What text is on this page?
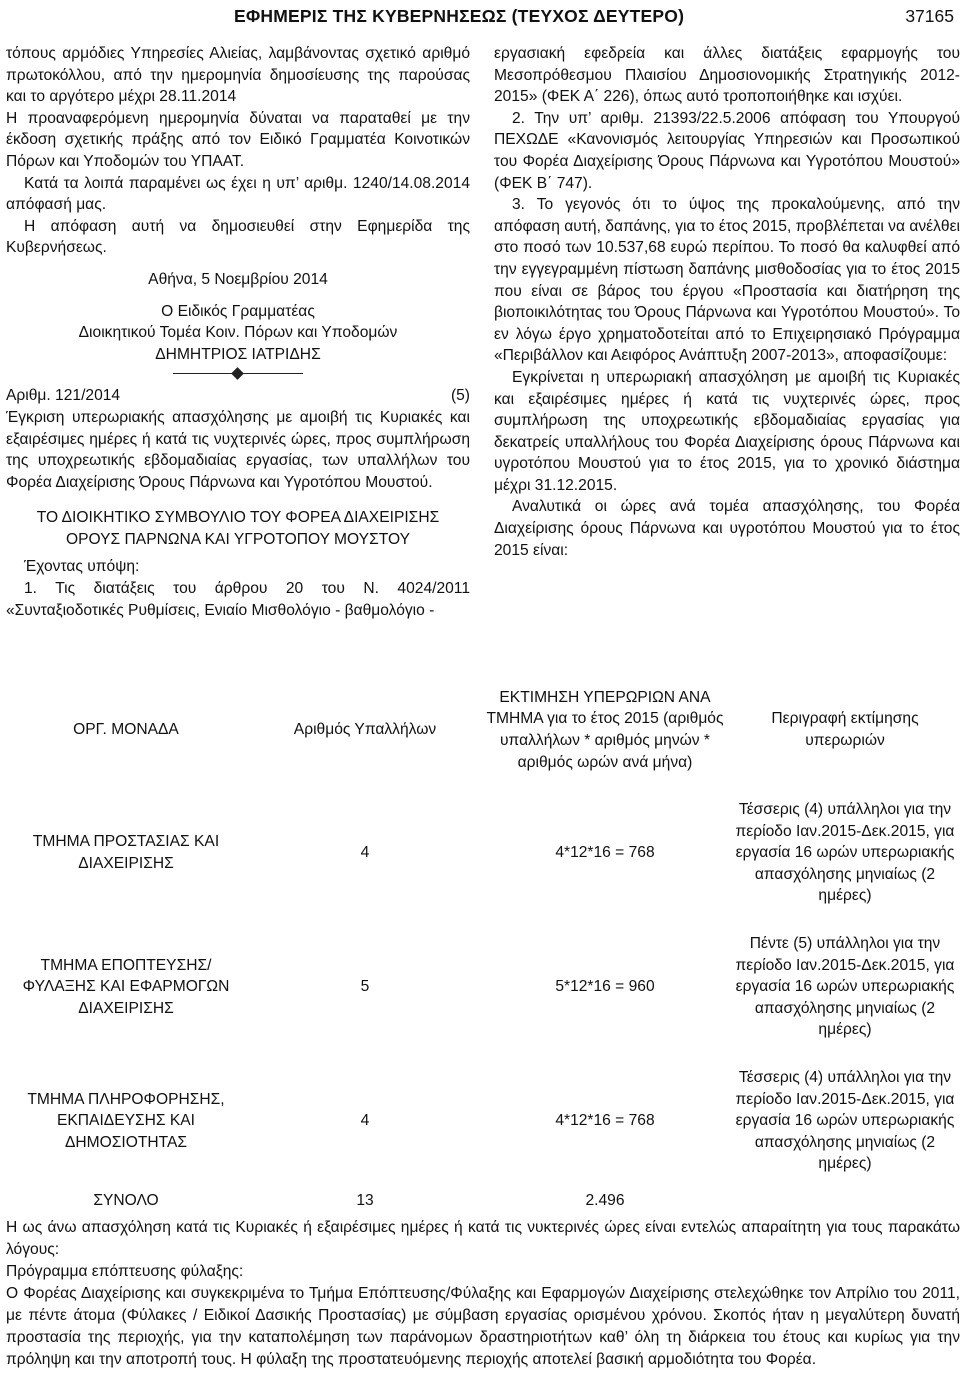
ΕΦΗΜΕΡΙΣ ΤΗΣ ΚΥΒΕΡΝΗΣΕΩΣ (ΤΕΥΧΟΣ ΔΕΥΤΕΡΟ)	37165

τόπους αρμόδιες Υπηρεσίες Αλιείας, λαμβάνοντας σχετικό αριθμό πρωτοκόλλου, από την ημερομηνία δημοσίευσης της παρούσας και το αργότερο μέχρι 28.11.2014

Η προαναφερόμενη ημερομηνία δύναται να παραταθεί με την έκδοση σχετικής πράξης από τον Ειδικό Γραμματέα Κοινοτικών Πόρων και Υποδομών του ΥΠΑΑΤ.

Κατά τα λοιπά παραμένει ως έχει η υπ’ αριθμ. 1240/14.08.2014 απόφασή μας.

Η απόφαση αυτή να δημοσιευθεί στην Εφημερίδα της Κυβερνήσεως.

Αθήνα, 5 Νοεμβρίου 2014

Ο Ειδικός Γραμματέας

Διοικητικού Τομέα Κοιν. Πόρων και Υποδομών

ΔΗΜΗΤΡΙΟΣ ΙΑΤΡΙΔΗΣ

Αριθμ. 121/2014	(5)

Έγκριση υπερωριακής απασχόλησης με αμοιβή τις Κυριακές και εξαιρέσιμες ημέρες ή κατά τις νυχτερινές ώρες, προς συμπλήρωση της υποχρεωτικής εβδομαδιαίας εργασίας, των υπαλλήλων του Φορέα Διαχείρισης Όρους Πάρνωνα και Υγροτόπου Μουστού.

ΤΟ ΔΙΟΙΚΗΤΙΚΟ ΣΥΜΒΟΥΛΙΟ ΤΟΥ ΦΟΡΕΑ ΔΙΑΧΕΙΡΙΣΗΣ
ΟΡΟΥΣ ΠΑΡΝΩΝΑ ΚΑΙ ΥΓΡΟΤΟΠΟΥ ΜΟΥΣΤΟΥ

Έχοντας υπόψη:

1. Τις διατάξεις του άρθρου 20 του Ν. 4024/2011 «Συνταξιοδοτικές Ρυθμίσεις, Ενιαίο Μισθολόγιο - βαθμολόγιο -

εργασιακή εφεδρεία και άλλες διατάξεις εφαρμογής του Μεσοπρόθεσμου Πλαισίου Δημοσιονομικής Στρατηγικής 2012-2015» (ΦΕΚ Α΄ 226), όπως αυτό τροποποιήθηκε και ισχύει.

2. Την υπ’ αριθμ. 21393/22.5.2006 απόφαση του Υπουργού ΠΕΧΩΔΕ «Κανονισμός λειτουργίας Υπηρεσιών και Προσωπικού του Φορέα Διαχείρισης Όρους Πάρνωνα και Υγροτόπου Μουστού» (ΦΕΚ Β΄ 747).

3. Το γεγονός ότι το ύψος της προκαλούμενης, από την απόφαση αυτή, δαπάνης, για το έτος 2015, προβλέπεται να ανέλθει στο ποσό των 10.537,68 ευρώ περίπου. Το ποσό θα καλυφθεί από την εγγεγραμμένη πίστωση δαπάνης μισθοδοσίας για το έτος 2015 που είναι σε βάρος του έργου «Προστασία και διατήρηση της βιοποικιλότητας του Όρους Πάρνωνα και Υγροτόπου Μουστού». Το εν λόγω έργο χρηματοδοτείται από το Επιχειρησιακό Πρόγραμμα «Περιβάλλον και Αειφόρος Ανάπτυξη 2007-2013», αποφασίζουμε:

Εγκρίνεται η υπερωριακή απασχόληση με αμοιβή τις Κυριακές και εξαιρέσιμες ημέρες ή κατά τις νυχτερινές ώρες, προς συμπλήρωση της υποχρεωτικής εβδομαδιαίας εργασίας για δεκατρείς υπαλλήλους του Φορέα Διαχείρισης όρους Πάρνωνα και υγροτόπου Μουστού για το έτος 2015, για το χρονικό διάστημα μέχρι 31.12.2015.

Αναλυτικά οι ώρες ανά τομέα απασχόλησης, του Φορέα Διαχείρισης όρους Πάρνωνα και υγροτόπου Μουστού για το έτος 2015 είναι:

ΟΡΓ. ΜΟΝΑΔΑ	Αριθμός Υπαλλήλων	ΕΚΤΙΜΗΣΗ ΥΠΕΡΩΡΙΩΝ ΑΝΑ ΤΜΗΜΑ για το έτος 2015 (αριθμός υπαλλήλων * αριθμός μηνών * αριθμός ωρών ανά μήνα)	Περιγραφή εκτίμησης υπερωριών
ΤΜΗΜΑ ΠΡΟΣΤΑΣΙΑΣ ΚΑΙ ΔΙΑΧΕΙΡΙΣΗΣ	4	4*12*16 = 768	Τέσσερις (4) υπάλληλοι για την περίοδο Ιαν.2015-Δεκ.2015, για εργασία 16 ωρών υπερωριακής απασχόλησης μηνιαίως (2 ημέρες)
ΤΜΗΜΑ ΕΠΟΠΤΕΥΣΗΣ/ΦΥΛΑΞΗΣ ΚΑΙ ΕΦΑΡΜΟΓΩΝ ΔΙΑΧΕΙΡΙΣΗΣ	5	5*12*16 = 960	Πέντε (5) υπάλληλοι για την περίοδο Ιαν.2015-Δεκ.2015, για εργασία 16 ωρών υπερωριακής απασχόλησης μηνιαίως (2 ημέρες)
ΤΜΗΜΑ ΠΛΗΡΟΦΟΡΗΣΗΣ, ΕΚΠΑΙΔΕΥΣΗΣ ΚΑΙ ΔΗΜΟΣΙΟΤΗΤΑΣ	4	4*12*16 = 768	Τέσσερις (4) υπάλληλοι για την περίοδο Ιαν.2015-Δεκ.2015, για εργασία 16 ωρών υπερωριακής απασχόλησης μηνιαίως (2 ημέρες)
ΣΥΝΟΛΟ	13	2.496	

Η ως άνω απασχόληση κατά τις Κυριακές ή εξαιρέσιμες ημέρες ή κατά τις νυκτερινές ώρες είναι εντελώς απαραίτητη για τους παρακάτω λόγους:

Πρόγραμμα επόπτευσης φύλαξης:

Ο Φορέας Διαχείρισης και συγκεκριμένα το Τμήμα Επόπτευσης/Φύλαξης και Εφαρμογών Διαχείρισης στελεχώθηκε τον Απρίλιο του 2011, με πέντε άτομα (Φύλακες / Ειδικοί Δασικής Προστασίας) με σύμβαση εργασίας ορισμένου χρόνου. Σκοπός ήταν η μεγαλύτερη δυνατή προστασία της περιοχής, για την καταπολέμηση των παράνομων δραστηριοτήτων καθ’ όλη τη διάρκεια του έτους και κυρίως για την πρόληψη και την αποτροπή τους. Η φύλαξη της προστατευόμενης περιοχής αποτελεί βασική αρμοδιότητα του Φορέα.
